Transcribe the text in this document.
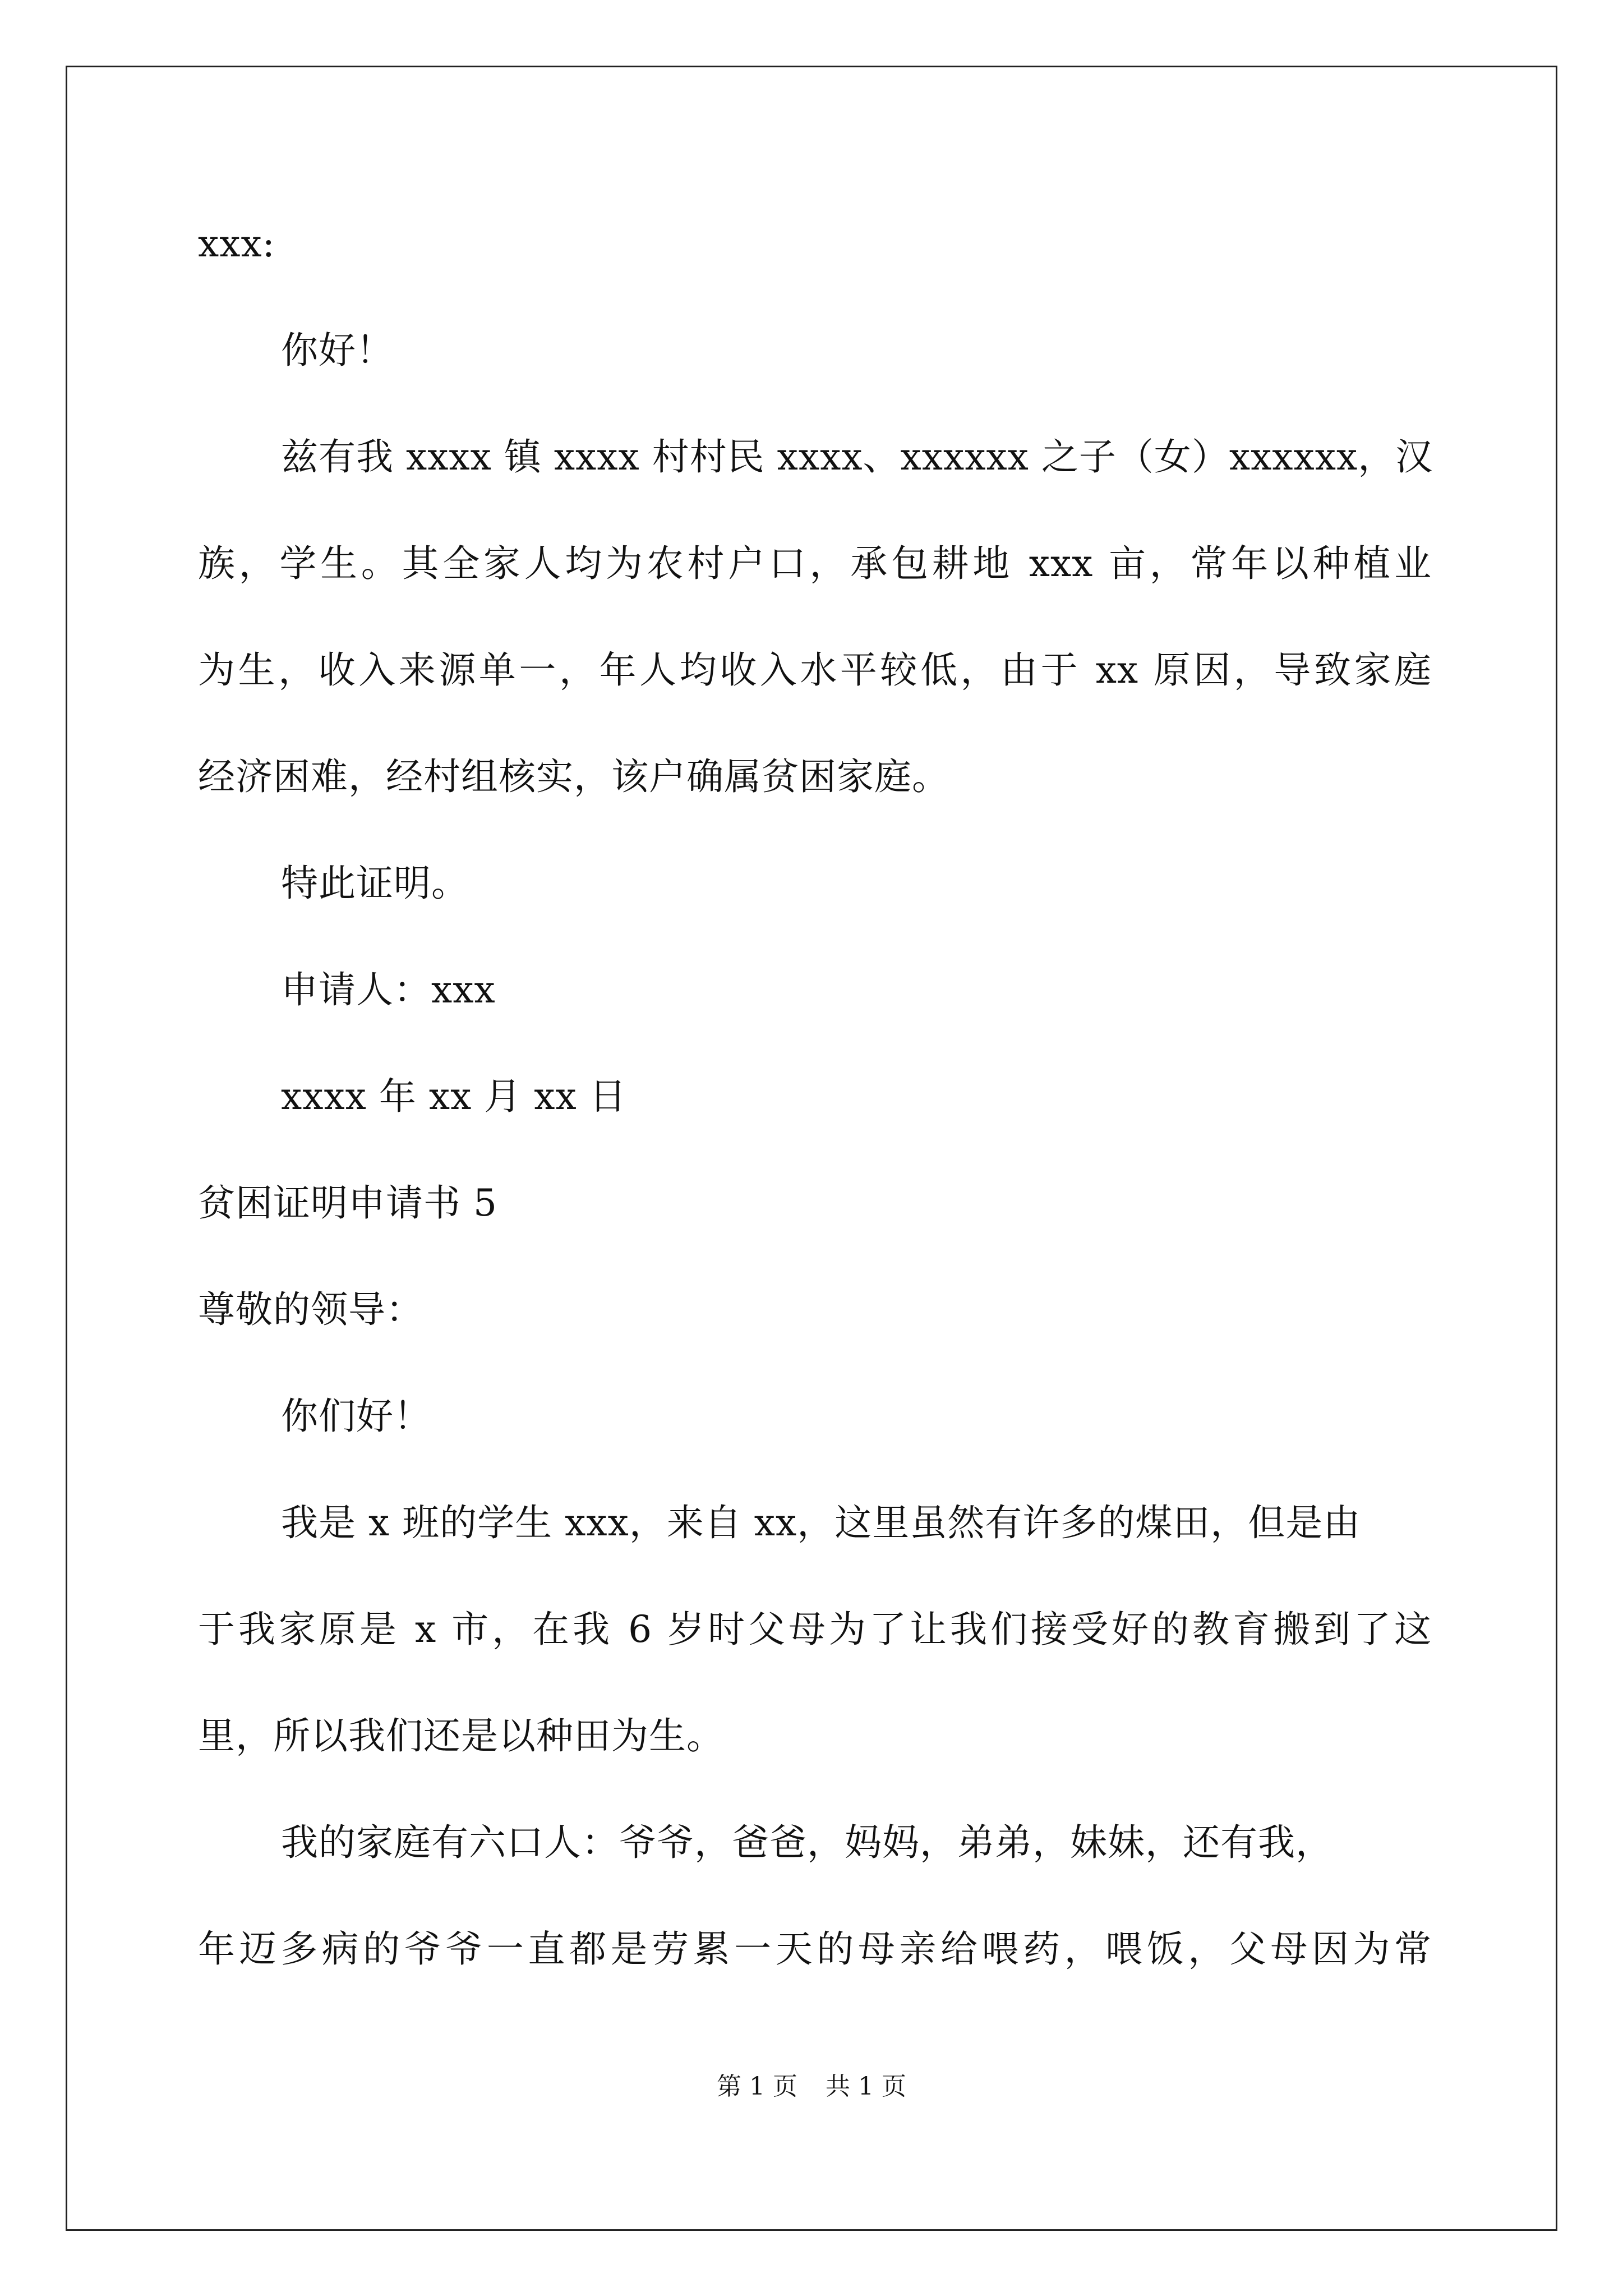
xxx:
你好！
兹有我 xxxx 镇 xxxx 村村民 xxxx、xxxxxx 之子（女）xxxxxx，汉
族，学生。其全家人均为农村户口，承包耕地 xxx 亩，常年以种植业
为生，收入来源单一，年人均收入水平较低，由于 xx 原因，导致家庭
经济困难，经村组核实，该户确属贫困家庭。
特此证明。
申请人：xxx
xxxx 年 xx 月 xx 日
贫困证明申请书 5
尊敬的领导：
你们好！
我是 x 班的学生 xxx，来自 xx，这里虽然有许多的煤田，但是由
于我家原是 x 市，在我 6 岁时父母为了让我们接受好的教育搬到了这
里，所以我们还是以种田为生。
我的家庭有六口人：爷爷，爸爸，妈妈，弟弟，妹妹，还有我，
年迈多病的爷爷一直都是劳累一天的母亲给喂药，喂饭，父母因为常
第 1 页 共 1 页
